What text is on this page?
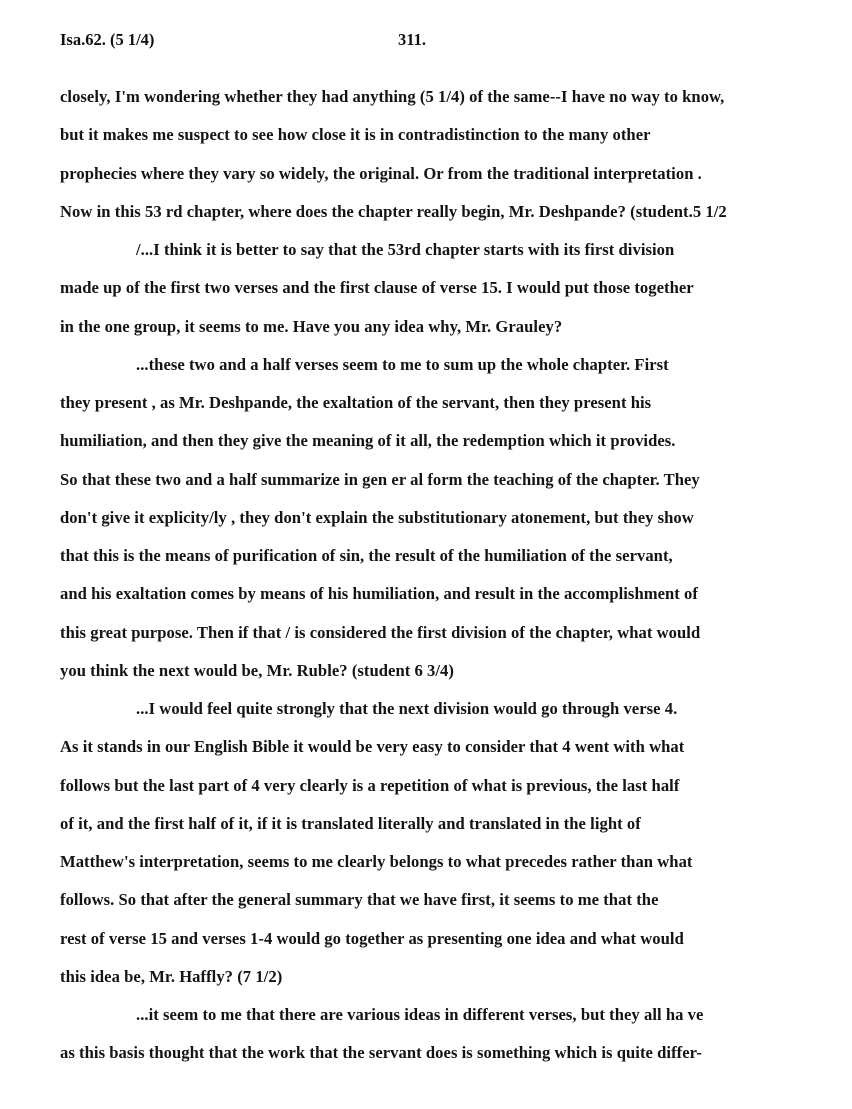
Isa.62. (5 1/4)	311.
closely, I'm wondering whether they had anything (5 1/4) of the same--I have no way to know,
but it makes me suspect to see how close it is in contradistinction to the many other
prophecies where they vary so widely, the original. Or from the traditional interpretation .
Now in this 53 rd chapter, where does the chapter really begin, Mr. Deshpande? (student.5 1/2
/...I think it is better to say that the 53rd chapter starts with its first division
made up of the first two verses and the first clause of verse 15. I would put those together
in the one group, it seems to me. Have you any idea why, Mr. Grauley?
...these two and a half verses seem to me to sum up the whole chapter. First
they present , as Mr. Deshpande, the exaltation of the servant, then they present his
humiliation, and then they give the meaning of it all, the redemption which it provides.
So that these two and a half summarize in gen er al form the teaching of the chapter. They
don't give it explicity/ly , they don't explain the substitutionary atonement, but they show
that this is the means of purification of sin, the result of the humiliation of the servant,
and his exaltation comes by means of his humiliation, and result in the accomplishment of
this great purpose. Then if that / is considered the first division of the chapter, what would
you think the next would be, Mr. Ruble? (student 6 3/4)
...I would feel quite strongly that the next division would go through verse 4.
As it stands in our English Bible it would be very easy to consider that 4 went with what
follows but the last part of 4 very clearly is a repetition of what is previous, the last half
of it, and the first half of it, if it is translated literally and translated in the light of
Matthew's interpretation, seems to me clearly belongs to what precedes rather than what
follows. So that after the general summary that we have first, it seems to me that the
rest of verse 15 and verses 1-4 would go together as presenting one idea and what would
this idea be, Mr. Haffly? (7 1/2)
...it seem to me that there are various ideas in different verses, but they all ha ve
as this basis thought that the work that the servant does is something which is quite differ-
